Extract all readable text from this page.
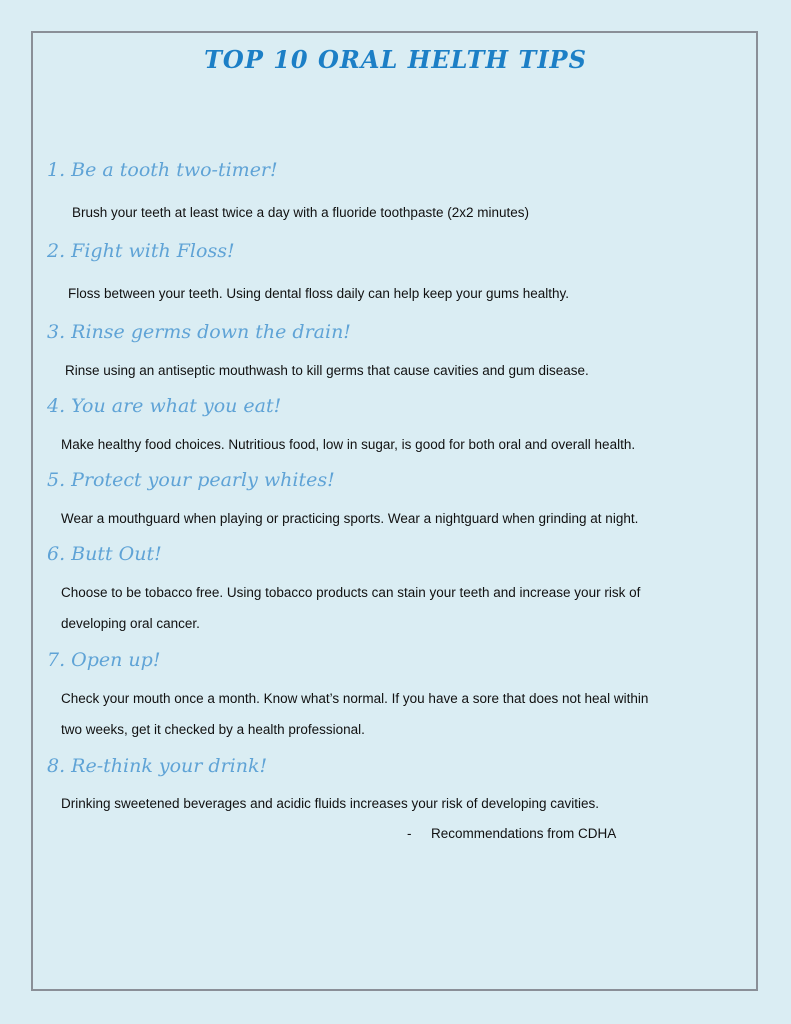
TOP 10 ORAL HELTH TIPS
1. Be a tooth two-timer!

Brush your teeth at least twice a day with a fluoride toothpaste (2x2 minutes)

2. Fight with Floss!

Floss between your teeth. Using dental floss daily can help keep your gums healthy.

3. Rinse germs down the drain!

Rinse using an antiseptic mouthwash to kill germs that cause cavities and gum disease.

4. You are what you eat!

Make healthy food choices. Nutritious food, low in sugar, is good for both oral and overall health.

5. Protect your pearly whites!

Wear a mouthguard when playing or practicing sports. Wear a nightguard when grinding at night.

6. Butt Out!

Choose to be tobacco free. Using tobacco products can stain your teeth and increase your risk of

developing oral cancer.

7. Open up!

Check your mouth once a month. Know what’s normal. If you have a sore that does not heal within

two weeks, get it checked by a health professional.

8. Re-think your drink!

Drinking sweetened beverages and acidic fluids increases your risk of developing cavities.

- Recommendations from CDHA
